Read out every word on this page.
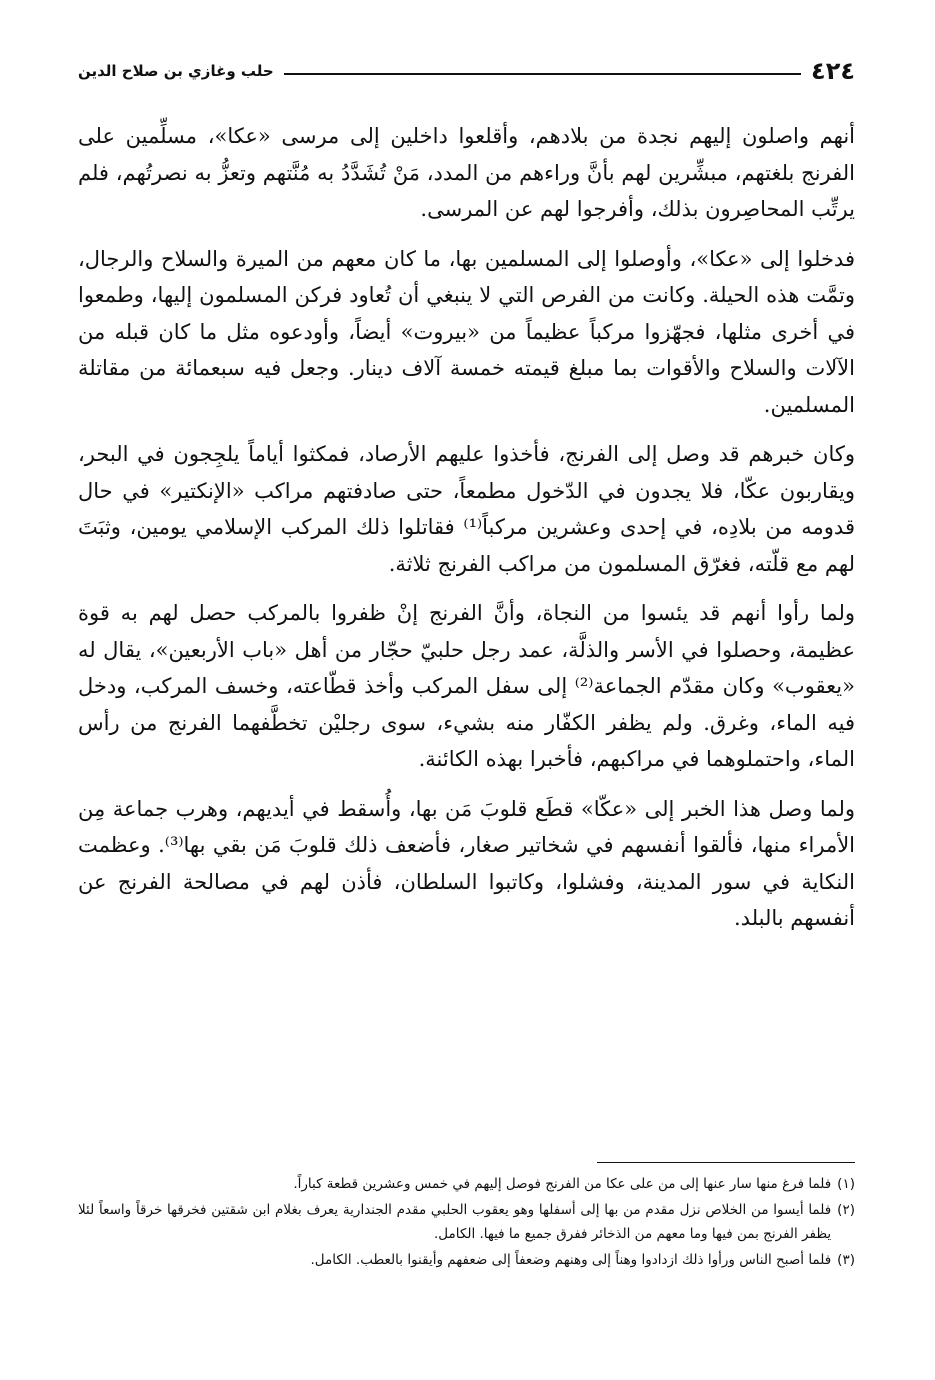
٤٢٤
حلب وغازي بن صلاح الدين

أنهم واصلون إليهم نجدة من بلادهم، وأقلعوا داخلين إلى مرسى «عكا»، مسلِّمين على الفرنج بلغتهم، مبشِّرين لهم بأنَّ وراءهم من المدد، مَنْ تُشَدَّدُ به مُنَّتهم وتعزُّ به نصرتُهم، فلم يرتِّب المحاصِرون بذلك، وأفرجوا لهم عن المرسى.

فدخلوا إلى «عكا»، وأوصلوا إلى المسلمين بها، ما كان معهم من الميرة والسلاح والرجال، وتمَّت هذه الحيلة. وكانت من الفرص التي لا ينبغي أن تُعاود فركن المسلمون إليها، وطمعوا في أخرى مثلها، فجهّزوا مركباً عظيماً من «بيروت» أيضاً، وأودعوه مثل ما كان قبله من الآلات والسلاح والأقوات بما مبلغ قيمته خمسة آلاف دينار. وجعل فيه سبعمائة من مقاتلة المسلمين.

وكان خبرهم قد وصل إلى الفرنج، فأخذوا عليهم الأرصاد، فمكثوا أياماً يلجِجون في البحر، ويقاربون عكّا، فلا يجدون في الدّخول مطمعاً، حتى صادفتهم مراكب «الإنكتير» في حال قدومه من بلادِه، في إحدى وعشرين مركباً⁽¹⁾ فقاتلوا ذلك المركب الإسلامي يومين، وثبَتَ لهم مع قلّته، فغرّق المسلمون من مراكب الفرنج ثلاثة.

ولما رأوا أنهم قد يئسوا من النجاة، وأنَّ الفرنج إنْ ظفروا بالمركب حصل لهم به قوة عظيمة، وحصلوا في الأسر والذلَّة، عمد رجل حلبيّ حجّار من أهل «باب الأربعين»، يقال له «يعقوب» وكان مقدّم الجماعة⁽²⁾ إلى سفل المركب وأخذ قطّاعته، وخسف المركب، ودخل فيه الماء، وغرق. ولم يظفر الكفّار منه بشيء، سوى رجليْن تخطَّفهما الفرنج من رأس الماء، واحتملوهما في مراكبهم، فأخبرا بهذه الكائنة.

ولما وصل هذا الخبر إلى «عكّا» قطَع قلوبَ مَن بها، وأُسقط في أيديهم، وهرب جماعة مِن الأمراء منها، فألقوا أنفسهم في شخاتير صغار، فأضعف ذلك قلوبَ مَن بقي بها⁽³⁾. وعظمت النكاية في سور المدينة، وفشلوا، وكاتبوا السلطان، فأذن لهم في مصالحة الفرنج عن أنفسهم بالبلد.

(١)
فلما فرغ منها سار عنها إلى من على عكا من الفرنج فوصل إليهم في خمس وعشرين قطعة كباراً.
(٢)
فلما أيسوا من الخلاص نزل مقدم من بها إلى أسفلها وهو يعقوب الحلبي مقدم الجندارية يعرف بغلام ابن شقتين فخرقها خرقاً واسعاً لئلا يظفر الفرنج بمن فيها وما معهم من الذخائر ففرق جميع ما فيها. الكامل.
(٣)
فلما أصبح الناس ورأوا ذلك ازدادوا وهناً إلى وهنهم وضعفاً إلى ضعفهم وأيقنوا بالعطب. الكامل.
